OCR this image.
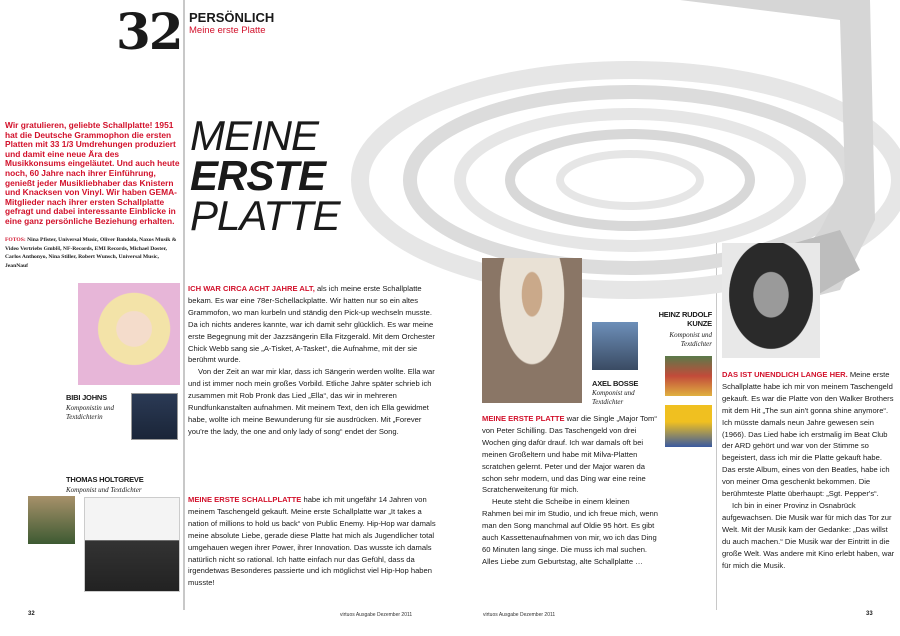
32 PERSÖNLICH
Meine erste Platte
Wir gratulieren, geliebte Schallplatte! 1951 hat die Deutsche Grammophon die ersten Platten mit 33 1/3 Umdrehungen produziert und damit eine neue Ära des Musikkonsums eingeläutet. Und auch heute noch, 60 Jahre nach ihrer Einführung, genießt jeder Musikliebhaber das Knistern und Knacksen von Vinyl. Wir haben GEMA-Mitglieder nach ihrer ersten Schallplatte gefragt und dabei interessante Einblicke in eine ganz persönliche Beziehung erhalten.
FOTOS: Nina Pfister, Universal Music, Oliver Bandola, Naxos Musik & Video Vertriebs GmbH, NF-Records, EMI Records, Michael Doster, Carlos Anthonyo, Nina Stiller, Robert Wunsch, Universal Music, JeanNauf
MEINE
ERSTE
PLATTE
BIBI JOHNS
Komponistin und Textdichterin

ICH WAR CIRCA ACHT JAHRE ALT, als ich meine erste Schallplatte bekam. Es war eine 78er-Schellackplatte. Wir hatten nur so ein altes Grammofon, wo man kurbeln und ständig den Pick-up wechseln musste. Da ich nichts anderes kannte, war ich damit sehr glücklich. Es war meine erste Begegnung mit der Jazzsängerin Ella Fitzgerald. Mit dem Orchester Chick Webb sang sie „A-Tisket, A-Tasket“, die Aufnahme, mit der sie berühmt wurde.

Von der Zeit an war mir klar, dass ich Sängerin werden wollte. Ella war und ist immer noch mein großes Vorbild. Etliche Jahre später schrieb ich zusammen mit Rob Pronk das Lied „Ella“, das wir in mehreren Rundfunkanstalten aufnahmen. Mit meinem Text, den ich Ella gewidmet habe, wollte ich meine Bewunderung für sie ausdrücken. Mit „Forever you're the lady, the one and only lady of song“ endet der Song.

THOMAS HOLTGREVE
Komponist und Textdichter

MEINE ERSTE SCHALLPLATTE habe ich mit ungefähr 14 Jahren von meinem Taschengeld gekauft. Meine erste Schallplatte war „It takes a nation of millions to hold us back“ von Public Enemy. Hip-Hop war damals meine absolute Liebe, gerade diese Platte hat mich als Jugendlicher total umgehauen wegen ihrer Power, ihrer Innovation. Das wusste ich damals natürlich nicht so rational. Ich hatte einfach nur das Gefühl, dass da irgendetwas Besonderes passierte und ich möglichst viel Hip-Hop haben musste!

AXEL BOSSE
Komponist und Textdichter

MEINE ERSTE PLATTE war die Single „Major Tom“ von Peter Schilling. Das Taschengeld von drei Wochen ging dafür drauf. Ich war damals oft bei meinen Großeltern und habe mit Milva-Platten scratchen gelernt. Peter und der Major waren da schon sehr modern, und das Ding war eine reine Scratcherweiterung für mich.

Heute steht die Scheibe in einem kleinen Rahmen bei mir im Studio, und ich freue mich, wenn man den Song manchmal auf Oldie 95 hört. Es gibt auch Kassettenaufnahmen von mir, wo ich das Ding 60 Minuten lang singe. Die muss ich mal suchen. Alles Liebe zum Geburtstag, alte Schallplatte …

HEINZ RUDOLF KUNZE
Komponist und Textdichter

DAS IST UNENDLICH LANGE HER. Meine erste Schallplatte habe ich mir von meinem Taschengeld gekauft. Es war die Platte von den Walker Brothers mit dem Hit „The sun ain't gonna shine anymore“. Ich müsste damals neun Jahre gewesen sein (1966). Das Lied habe ich erstmalig im Beat Club der ARD gehört und war von der Stimme so begeistert, dass ich mir die Platte gekauft habe. Das erste Album, eines von den Beatles, habe ich von meiner Oma geschenkt bekommen. Die berühmteste Platte überhaupt: „Sgt. Pepper's“.

Ich bin in einer Provinz in Osnabrück aufgewachsen. Die Musik war für mich das Tor zur Welt. Mit der Musik kam der Gedanke: „Das willst du auch machen.“ Die Musik war der Eintritt in die große Welt. Was andere mit Kino erlebt haben, war für mich die Musik.

32	virtuos Ausgabe Dezember 2011	virtuos Ausgabe Dezember 2011	33
